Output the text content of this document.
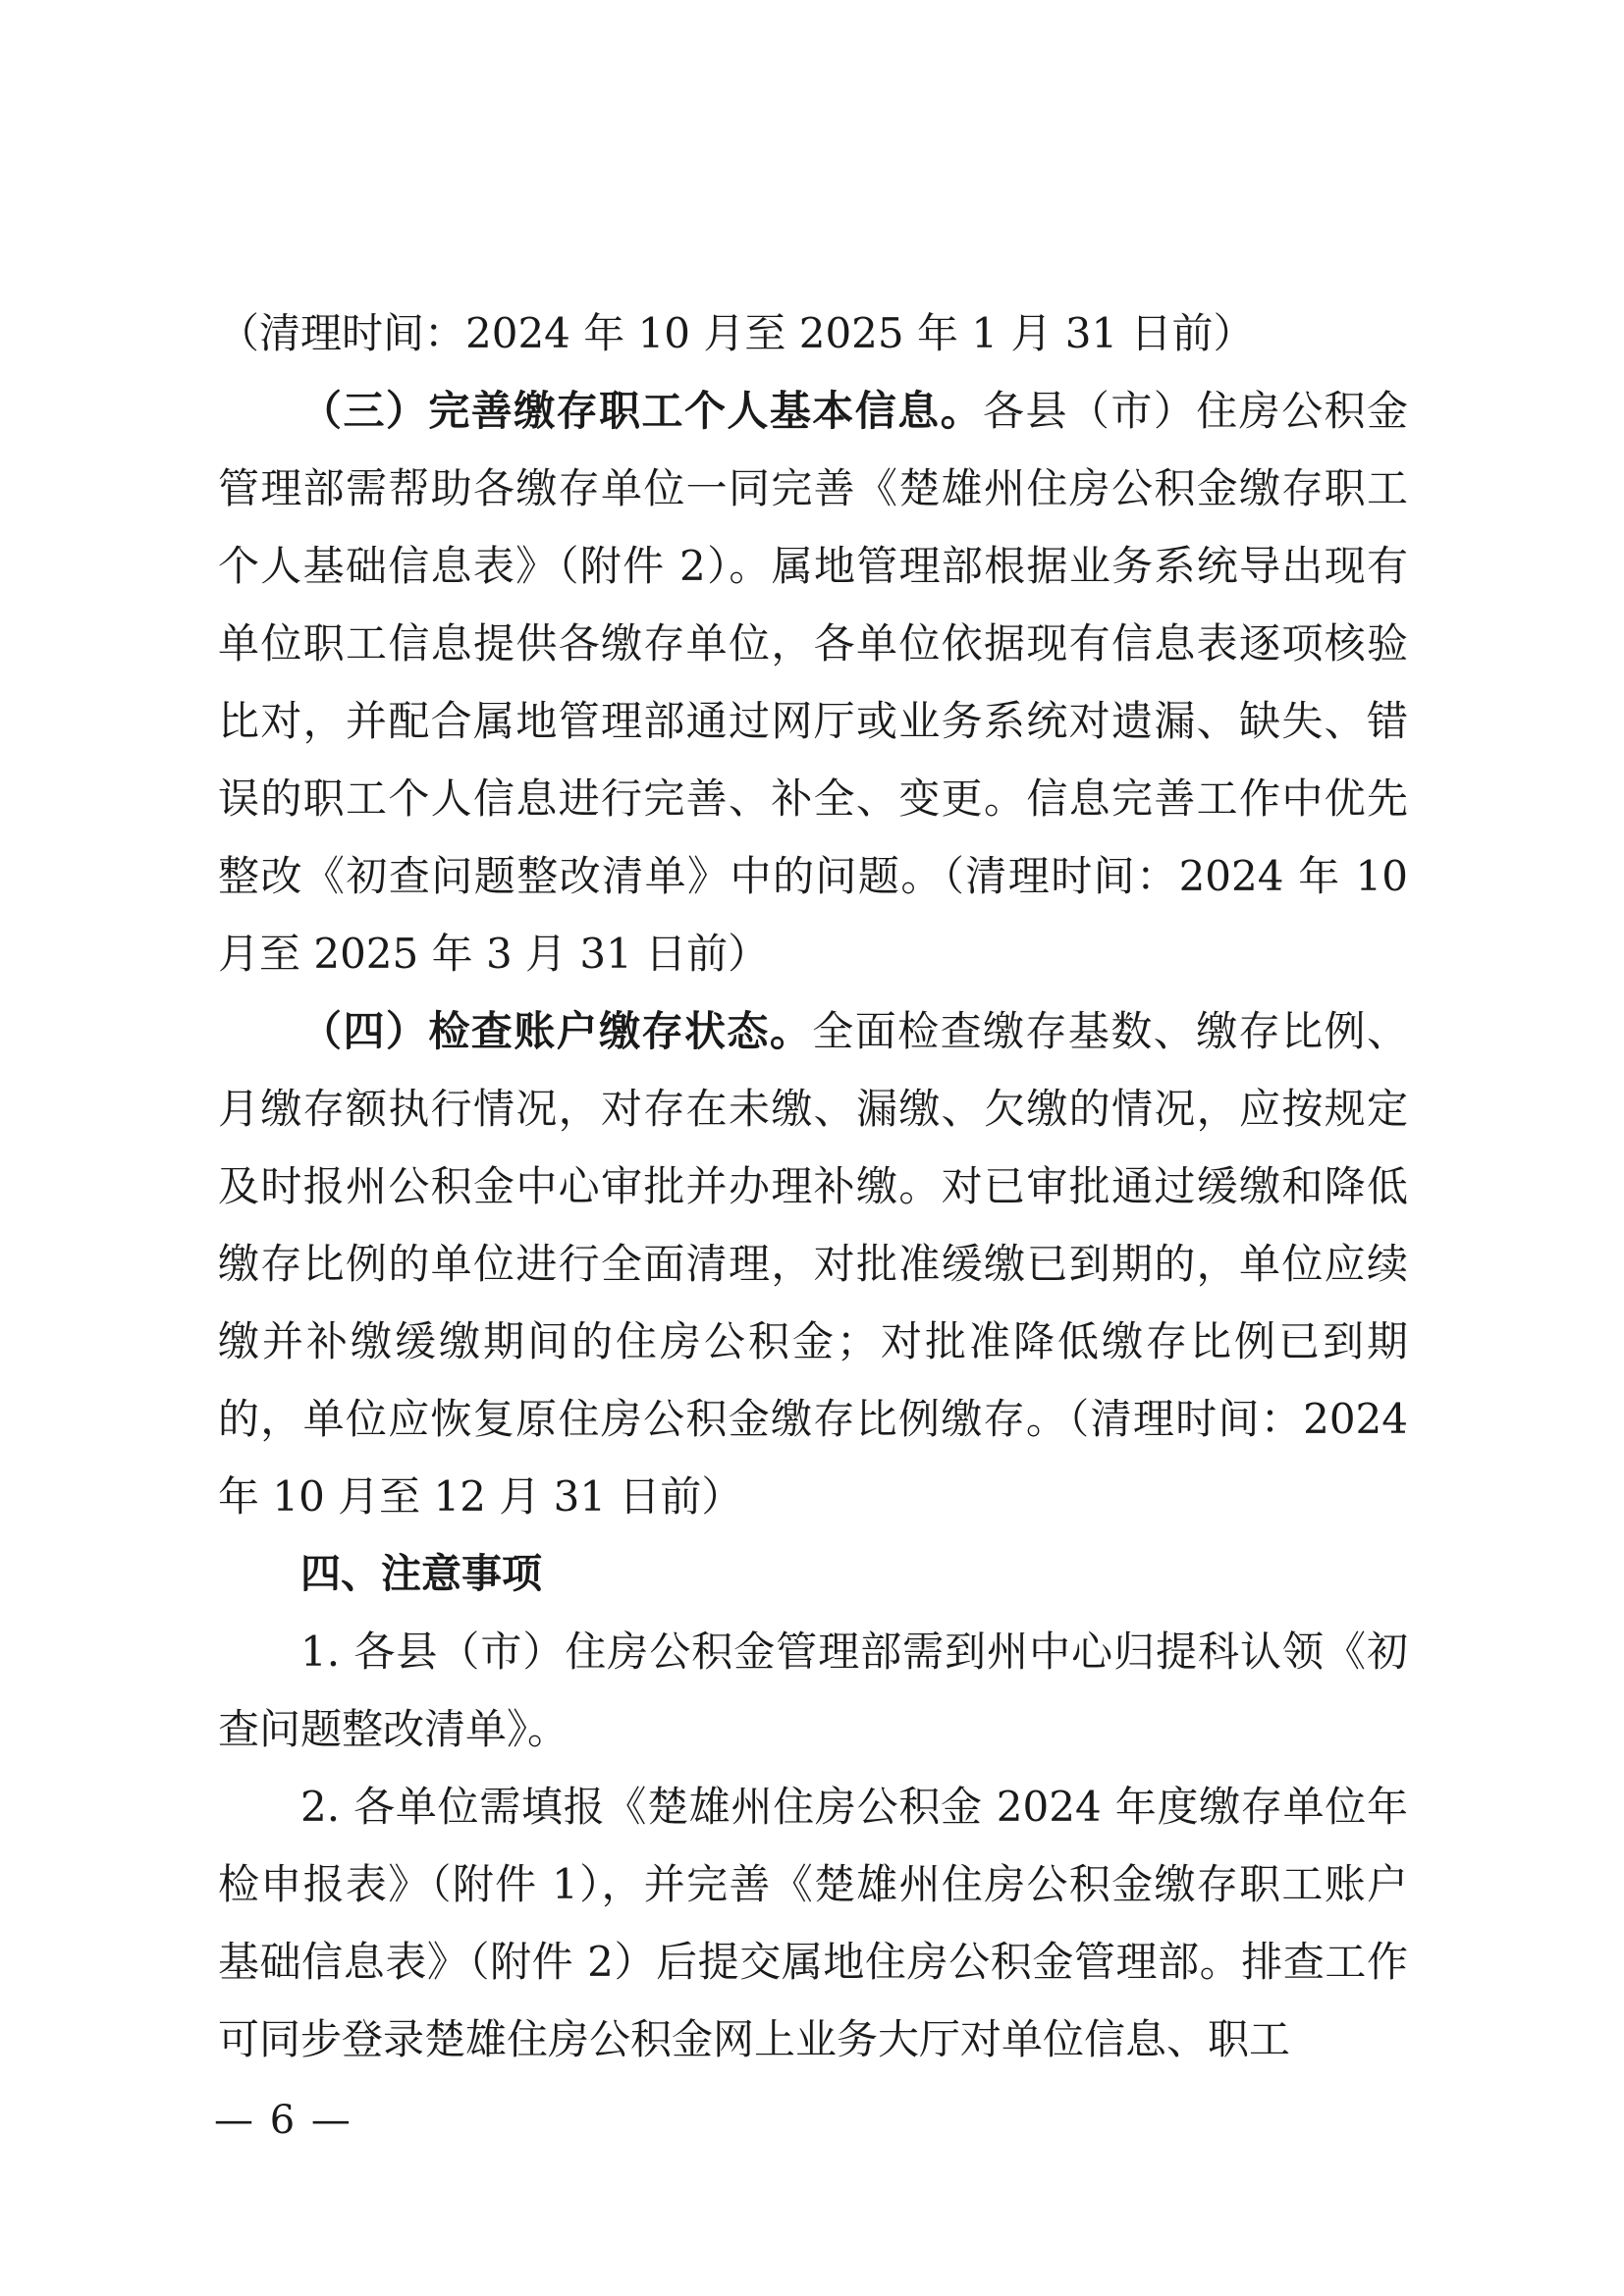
（清理时间：2024 年 10 月至 2025 年 1 月 31 日前）

（三）完善缴存职工个人基本信息。各县（市）住房公积金管理部需帮助各缴存单位一同完善《楚雄州住房公积金缴存职工个人基础信息表》（附件 2）。属地管理部根据业务系统导出现有单位职工信息提供各缴存单位，各单位依据现有信息表逐项核验比对，并配合属地管理部通过网厅或业务系统对遗漏、缺失、错误的职工个人信息进行完善、补全、变更。信息完善工作中优先整改《初查问题整改清单》中的问题。（清理时间：2024 年 10 月至 2025 年 3 月 31 日前）

（四）检查账户缴存状态。全面检查缴存基数、缴存比例、月缴存额执行情况，对存在未缴、漏缴、欠缴的情况，应按规定及时报州公积金中心审批并办理补缴。对已审批通过缓缴和降低缴存比例的单位进行全面清理，对批准缓缴已到期的，单位应续缴并补缴缓缴期间的住房公积金；对批准降低缴存比例已到期的，单位应恢复原住房公积金缴存比例缴存。（清理时间：2024 年 10 月至 12 月 31 日前）

四、注意事项

1. 各县（市）住房公积金管理部需到州中心归提科认领《初查问题整改清单》。

2. 各单位需填报《楚雄州住房公积金 2024 年度缴存单位年检申报表》（附件 1），并完善《楚雄州住房公积金缴存职工账户基础信息表》（附件 2）后提交属地住房公积金管理部。排查工作可同步登录楚雄住房公积金网上业务大厅对单位信息、职工

— 6 —
